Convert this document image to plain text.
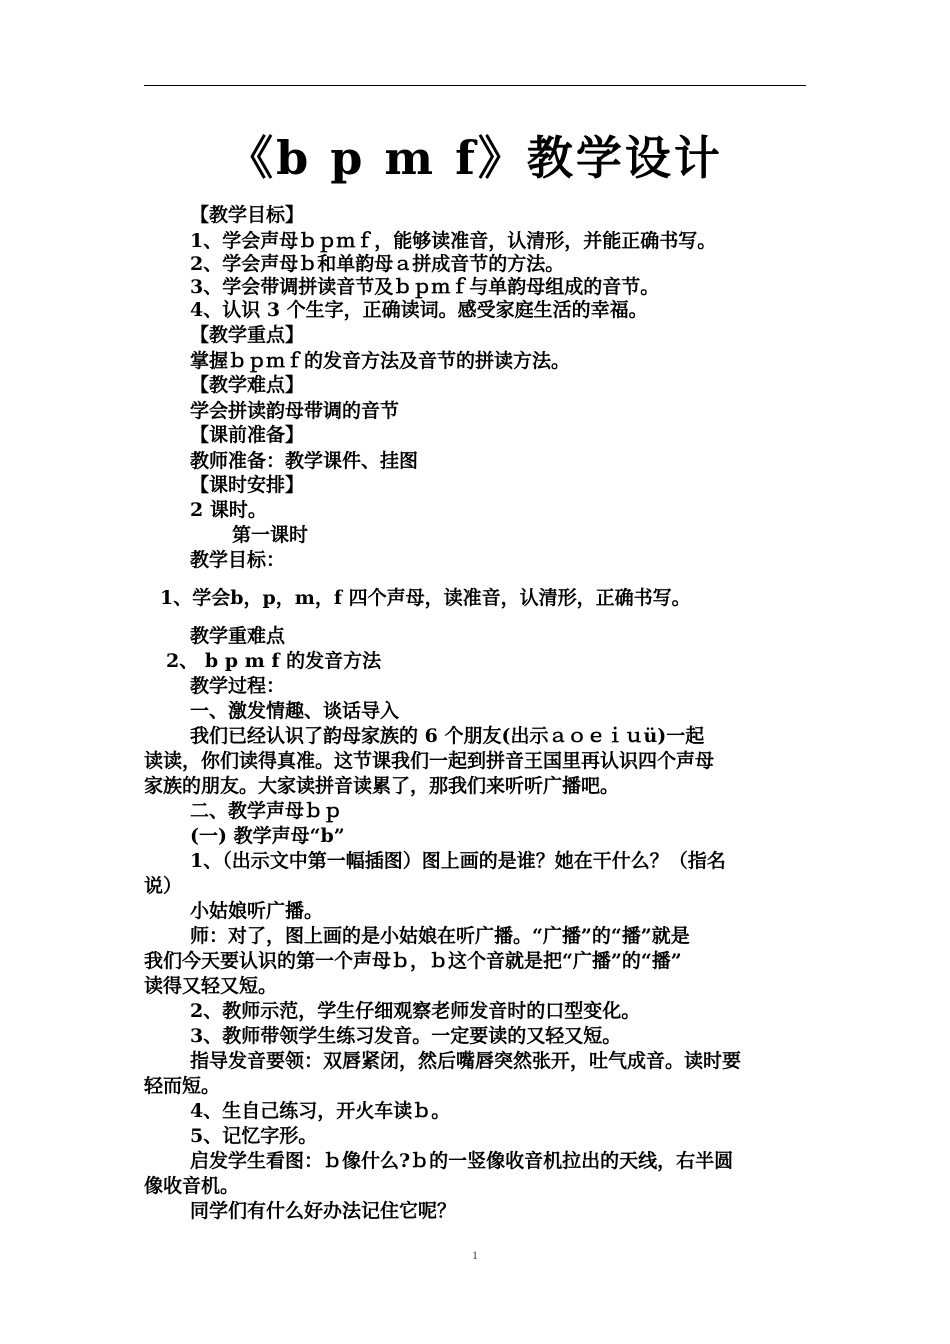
《b p m f》教学设计
【教学目标】
1、学会声母ｂｐｍｆ，能够读准音，认清形，并能正确书写。
2、学会声母ｂ和单韵母ａ拼成音节的方法。
3、学会带调拼读音节及ｂｐｍｆ与单韵母组成的音节。
4、认识 3 个生字，正确读词。感受家庭生活的幸福。
【教学重点】
掌握ｂｐｍｆ的发音方法及音节的拼读方法。
【教学难点】
学会拼读韵母带调的音节
【课前准备】
教师准备：教学课件、挂图
【课时安排】
2 课时。
第一课时
教学目标：
1、学会b，p，m，f 四个声母，读准音，认清形，正确书写。
教学重难点
2、 b p m f 的发音方法
教学过程：
一、激发情趣、谈话导入
我们已经认识了韵母家族的 6 个朋友(出示ａｏｅｉｕü)一起
读读，你们读得真准。这节课我们一起到拼音王国里再认识四个声母
家族的朋友。大家读拼音读累了，那我们来听听广播吧。
二、教学声母ｂｐ
(一) 教学声母“b”
1、（出示文中第一幅插图）图上画的是谁？她在干什么？（指名
说）
小姑娘听广播。
师：对了，图上画的是小姑娘在听广播。“广播”的“播”就是
我们今天要认识的第一个声母ｂ，ｂ这个音就是把“广播”的“播”
读得又轻又短。
2、教师示范，学生仔细观察老师发音时的口型变化。
3、教师带领学生练习发音。一定要读的又轻又短。
指导发音要领：双唇紧闭，然后嘴唇突然张开，吐气成音。读时要
轻而短。
4、生自己练习，开火车读ｂ。
5、记忆字形。
启发学生看图：ｂ像什么?ｂ的一竖像收音机拉出的天线，右半圆
像收音机。
同学们有什么好办法记住它呢？
1
